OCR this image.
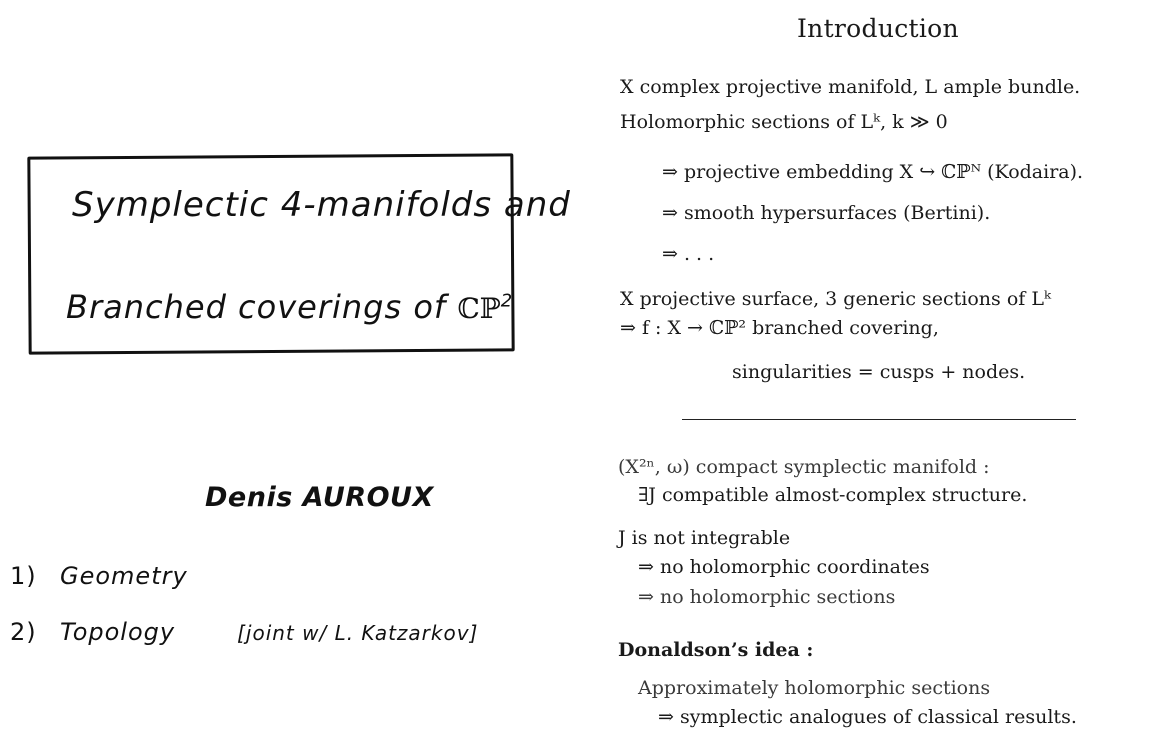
Symplectic 4-manifolds and
Branched coverings of ℂℙ$^2$
Denis AUROUX
1) Geometry
2) Topology	[joint w/ L. Katzarkov]
Introduction
X complex projective manifold, L ample bundle.
Holomorphic sections of Lᵏ, k ≫ 0
⇒ projective embedding X ↪ ℂℙᴺ (Kodaira).
⇒ smooth hypersurfaces (Bertini).
⇒ . . .
X projective surface, 3 generic sections of Lᵏ
⇒ f : X → ℂℙ² branched covering,
singularities = cusps + nodes.
(X²ⁿ, ω) compact symplectic manifold :
∃J compatible almost-complex structure.
J is not integrable
⇒ no holomorphic coordinates
⇒ no holomorphic sections
Donaldson’s idea :
Approximately holomorphic sections
⇒ symplectic analogues of classical results.
